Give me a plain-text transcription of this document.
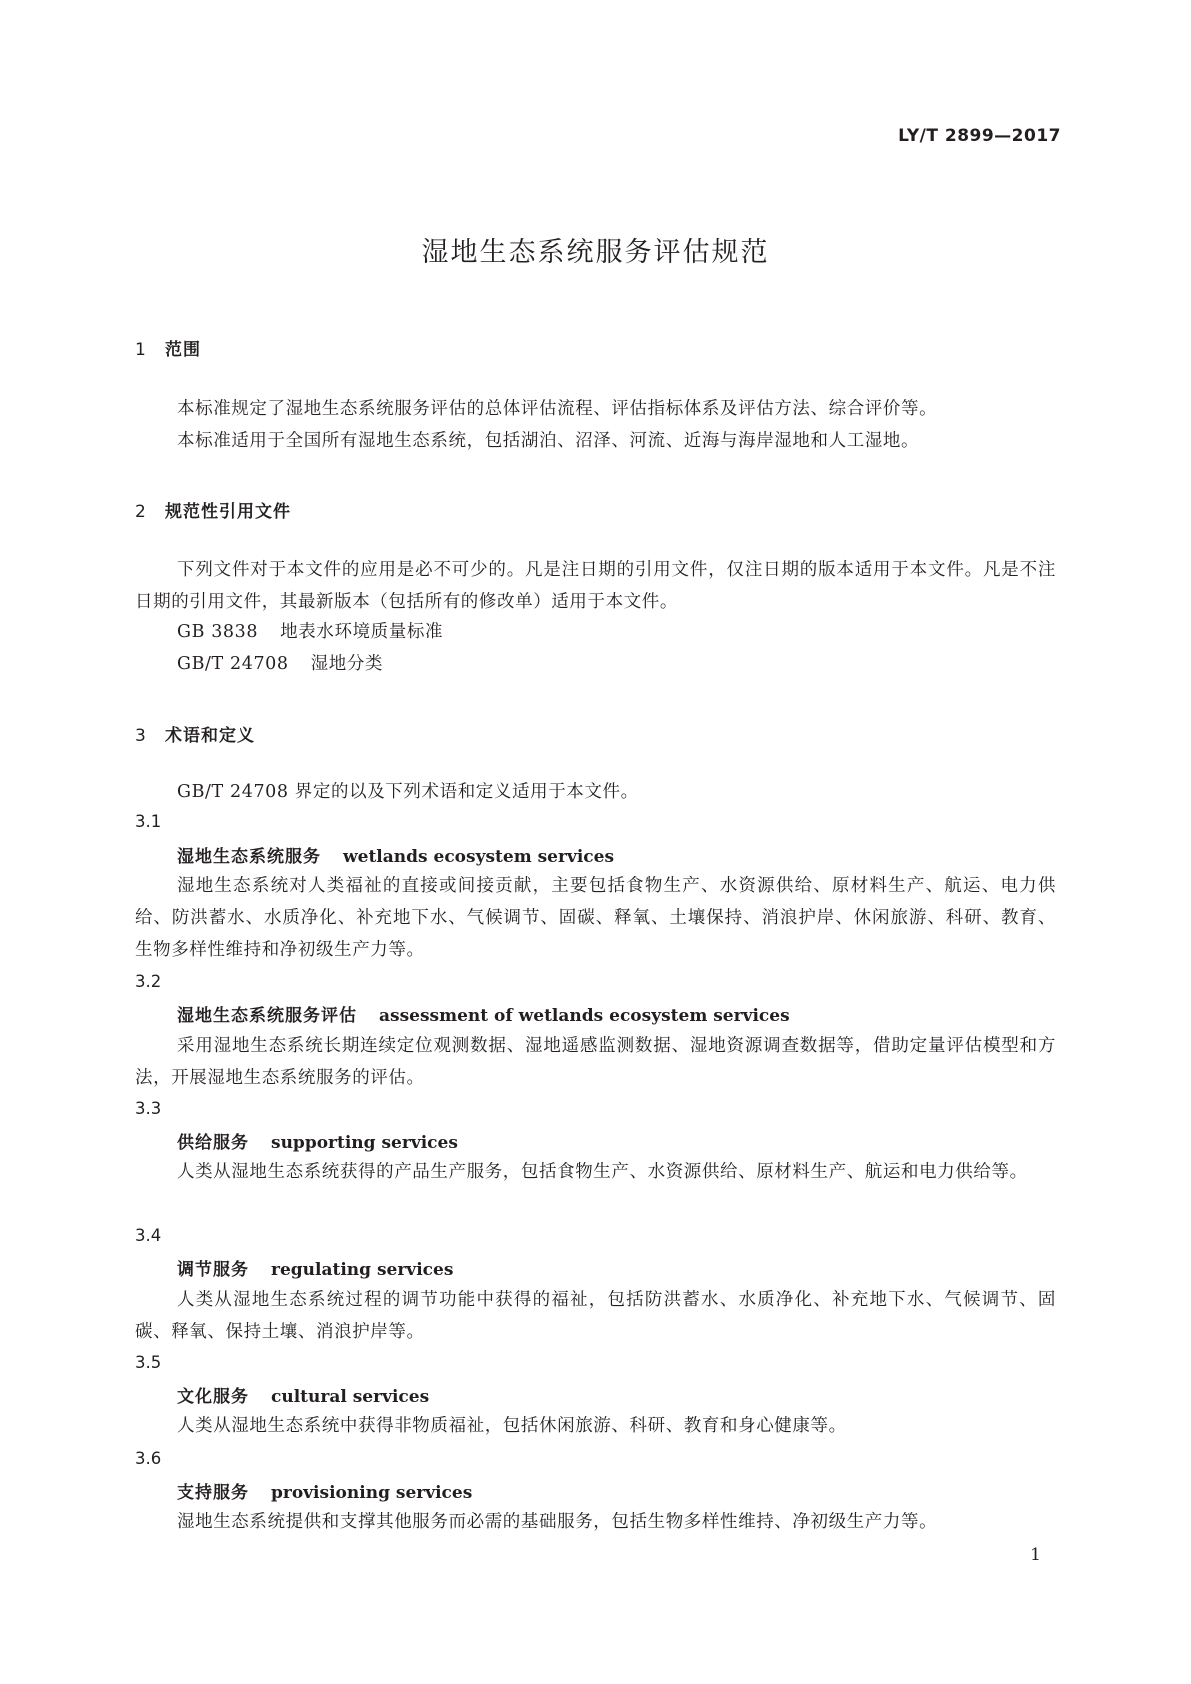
LY/T 2899—2017
湿地生态系统服务评估规范
1 范围
本标准规定了湿地生态系统服务评估的总体评估流程、评估指标体系及评估方法、综合评价等。
本标准适用于全国所有湿地生态系统，包括湖泊、沼泽、河流、近海与海岸湿地和人工湿地。
2 规范性引用文件
下列文件对于本文件的应用是必不可少的。凡是注日期的引用文件，仅注日期的版本适用于本文件。凡是不注日期的引用文件，其最新版本（包括所有的修改单）适用于本文件。
GB 3838 地表水环境质量标准
GB/T 24708 湿地分类
3 术语和定义
GB/T 24708 界定的以及下列术语和定义适用于本文件。
3.1
湿地生态系统服务 wetlands ecosystem services
湿地生态系统对人类福祉的直接或间接贡献，主要包括食物生产、水资源供给、原材料生产、航运、电力供给、防洪蓄水、水质净化、补充地下水、气候调节、固碳、释氧、土壤保持、消浪护岸、休闲旅游、科研、教育、生物多样性维持和净初级生产力等。
3.2
湿地生态系统服务评估 assessment of wetlands ecosystem services
采用湿地生态系统长期连续定位观测数据、湿地遥感监测数据、湿地资源调查数据等，借助定量评估模型和方法，开展湿地生态系统服务的评估。
3.3
供给服务 supporting services
人类从湿地生态系统获得的产品生产服务，包括食物生产、水资源供给、原材料生产、航运和电力供给等。
3.4
调节服务 regulating services
人类从湿地生态系统过程的调节功能中获得的福祉，包括防洪蓄水、水质净化、补充地下水、气候调节、固碳、释氧、保持土壤、消浪护岸等。
3.5
文化服务 cultural services
人类从湿地生态系统中获得非物质福祉，包括休闲旅游、科研、教育和身心健康等。
3.6
支持服务 provisioning services
湿地生态系统提供和支撑其他服务而必需的基础服务，包括生物多样性维持、净初级生产力等。
1
